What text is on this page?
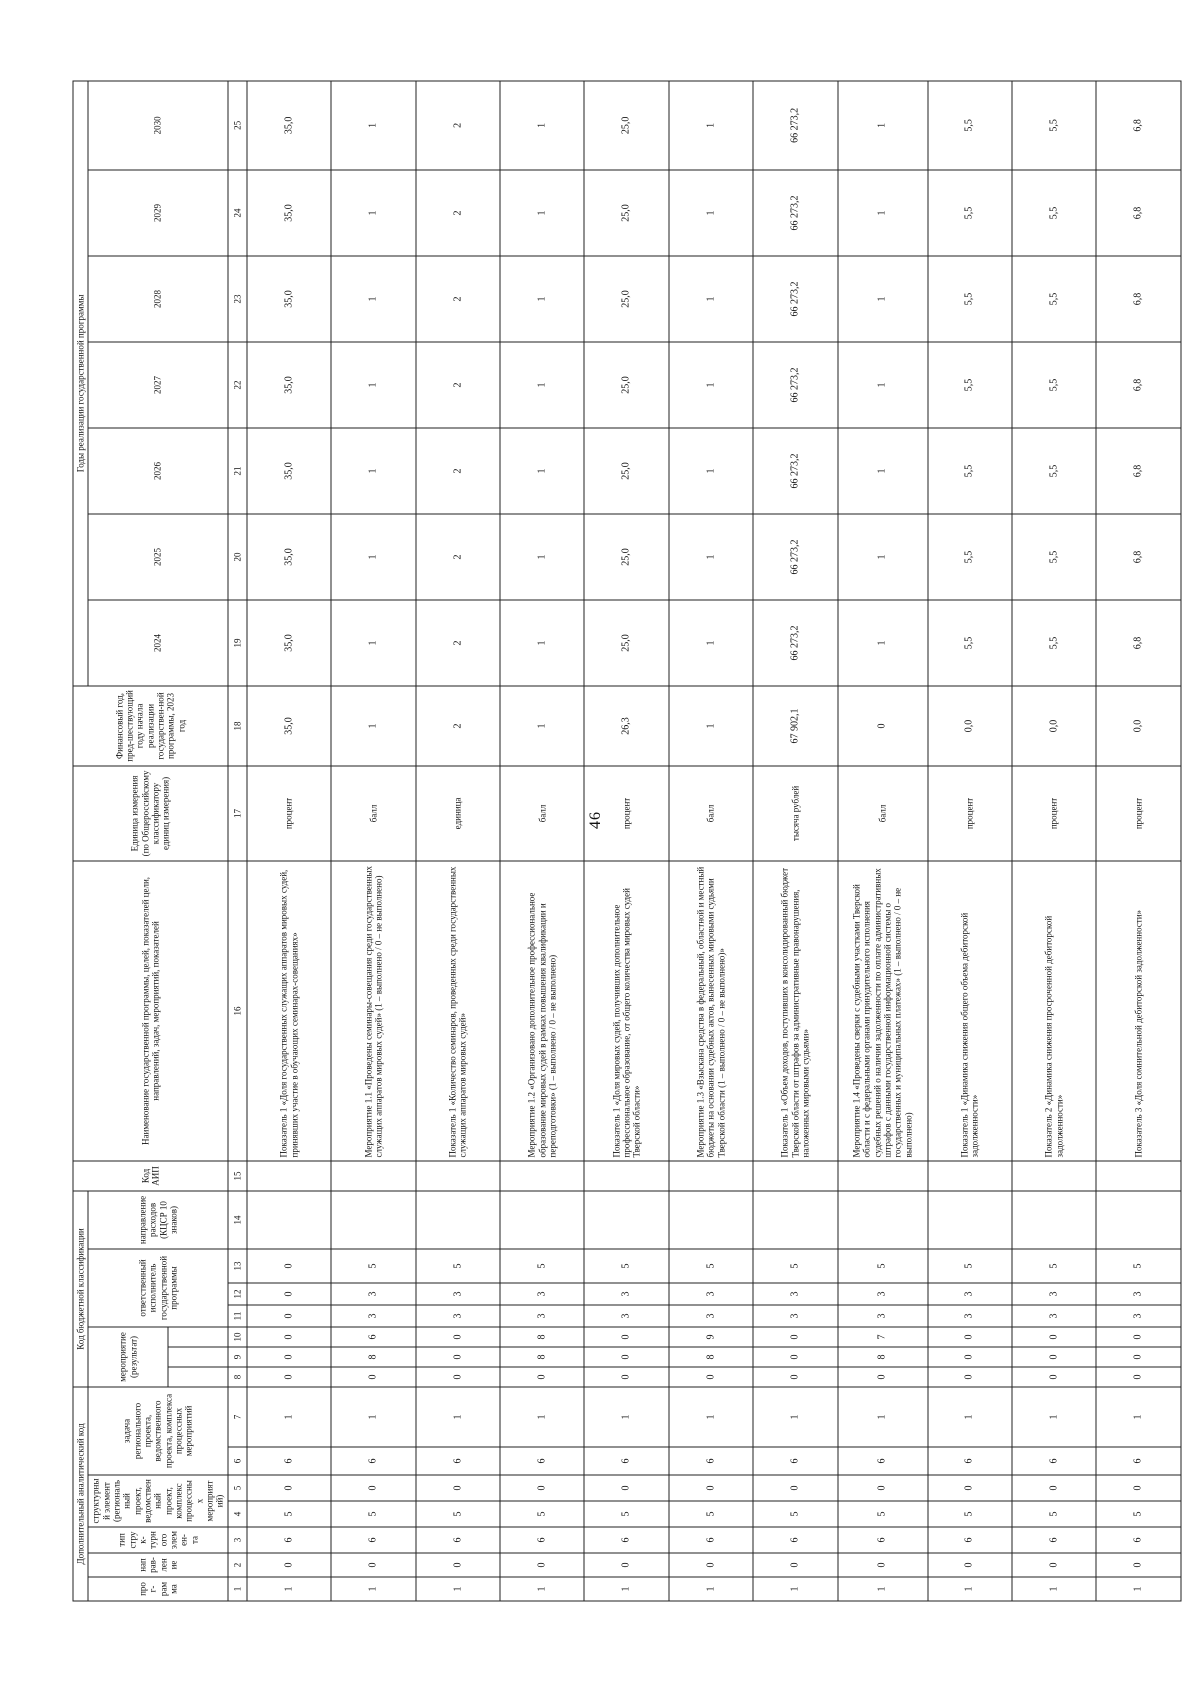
46
Дополнительный аналитический код							Код бюджетной классификации							Код АИП	Наименование государственной программы, целей, показателей цели, направлений, задач, мероприятий, показателей	Единица измерения (по Общероссийскому классификатору единиц измерения)	Финансовый год, пред-шествующий году начала реализации государствен-ной программы, 2023 год	Годы реализации государственной программы						
прог-рамма	направ-ление	тип струк-турного элемен-та	структурный элемент (региональный проект, ведомственный проект, комплекс процессных мероприятий)		задача регионального проекта, ведомственного проекта, комплекса процессных мероприятий		мероприятие (результат)			ответственный исполнитель государственной программы			направление расходов (КЦСР 10 знаков)					2024	2025	2026	2027	2028	2029	2030

1	2	3	4	5	6	7	8	9	10	11	12	13	14	15	16	17	18	19	20	21	22	23	24	25
1	0	6	5	0	6	1	0	0	0	0	0	0			Показатель 1 «Доля государственных служащих аппаратов мировых судей, принявших участие в обучающих семинарах-совещаниях»	процент	35,0	35,0	35,0	35,0	35,0	35,0	35,0	35,0
1	0	6	5	0	6	1	0	8	6	3	3	5			Мероприятие 1.1 «Проведены семинары-совещания среди государственных служащих аппаратов мировых судей» (1 – выполнено / 0 – не выполнено)	балл	1	1	1	1	1	1	1	1
1	0	6	5	0	6	1	0	0	0	3	3	5			Показатель 1 «Количество семинаров, проведенных среди государственных служащих аппаратов мировых судей»	единица	2	2	2	2	2	2	2	2
1	0	6	5	0	6	1	0	8	8	3	3	5			Мероприятие 1.2 «Организовано дополнительное профессиональное образование мировых судей в рамках повышения квалификации и переподготовки» (1 – выполнено / 0 – не выполнено)	балл	1	1	1	1	1	1	1	1
1	0	6	5	0	6	1	0	0	0	3	3	5			Показатель 1 «Доля мировых судей, получивших дополнительное профессиональное образование, от общего количества мировых судей Тверской области»	процент	26,3	25,0	25,0	25,0	25,0	25,0	25,0	25,0
1	0	6	5	0	6	1	0	8	9	3	3	5			Мероприятие 1.3 «Взыскана средства в федеральный, областной и местный бюджеты на основании судебных актов, вынесенных мировыми судьями Тверской области (1 – выполнено / 0 – не выполнено)»	балл	1	1	1	1	1	1	1	1
1	0	6	5	0	6	1	0	0	0	3	3	5			Показатель 1 «Объем доходов, поступивших в консолидированный бюджет Тверской области от штрафов за административные правонарушения, наложенных мировыми судьями»	тысяча рублей	67 902,1	66 273,2	66 273,2	66 273,2	66 273,2	66 273,2	66 273,2	66 273,2
1	0	6	5	0	6	1	0	8	7	3	3	5			Мероприятие 1.4 «Проведены сверки с судебными участками Тверской области и с федеральными органами принудительного исполнения судебных решений о наличии задолженности по оплате административных штрафов с данными государственной информационной системы о государственных и муниципальных платежах» (1 – выполнено / 0 – не выполнено)	балл	0	1	1	1	1	1	1	1
1	0	6	5	0	6	1	0	0	0	3	3	5			Показатель 1 «Динамика снижения общего объема дебиторской задолженности»	процент	0,0	5,5	5,5	5,5	5,5	5,5	5,5	5,5
1	0	6	5	0	6	1	0	0	0	3	3	5			Показатель 2 «Динамика снижения просроченной дебиторской задолженности»	процент	0,0	5,5	5,5	5,5	5,5	5,5	5,5	5,5
1	0	6	5	0	6	1	0	0	0	3	3	5			Показатель 3 «Доля сомнительной дебиторской задолженности»	процент	0,0	6,8	6,8	6,8	6,8	6,8	6,8	6,8
